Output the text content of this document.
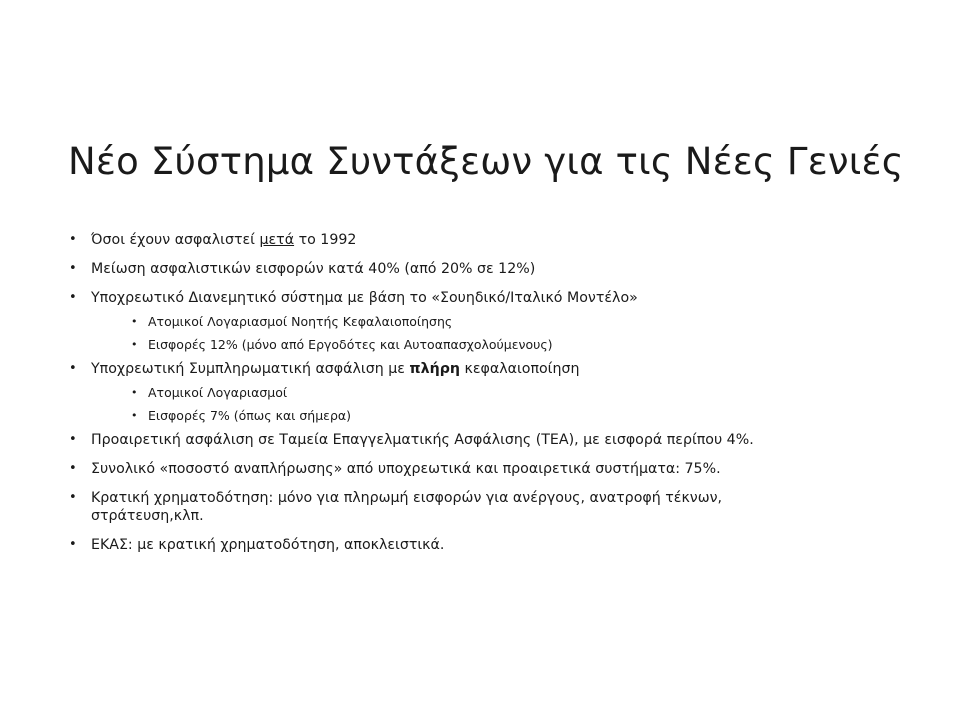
Νέο Σύστημα Συντάξεων για τις Νέες Γενιές
• Όσοι έχουν ασφαλιστεί μετά το 1992
• Μείωση ασφαλιστικών εισφορών κατά 40% (από 20% σε 12%)
• Υποχρεωτικό Διανεμητικό σύστημα με βάση το «Σουηδικό/Ιταλικό Μοντέλο»
• Ατομικοί Λογαριασμοί Νοητής Κεφαλαιοποίησης
• Εισφορές 12% (μόνο από Εργοδότες και Αυτοαπασχολούμενους)
• Υποχρεωτική Συμπληρωματική ασφάλιση με πλήρη κεφαλαιοποίηση
• Ατομικοί Λογαριασμοί
• Εισφορές 7% (όπως και σήμερα)
• Προαιρετική ασφάλιση σε Ταμεία Επαγγελματικής Ασφάλισης (ΤΕΑ), με εισφορά περίπου 4%.
• Συνολικό «ποσοστό αναπλήρωσης» από υποχρεωτικά και προαιρετικά συστήματα: 75%.
• Κρατική χρηματοδότηση: μόνο για πληρωμή εισφορών για ανέργους, ανατροφή τέκνων,
στράτευση,κλπ.
• ΕΚΑΣ: με κρατική χρηματοδότηση, αποκλειστικά.
